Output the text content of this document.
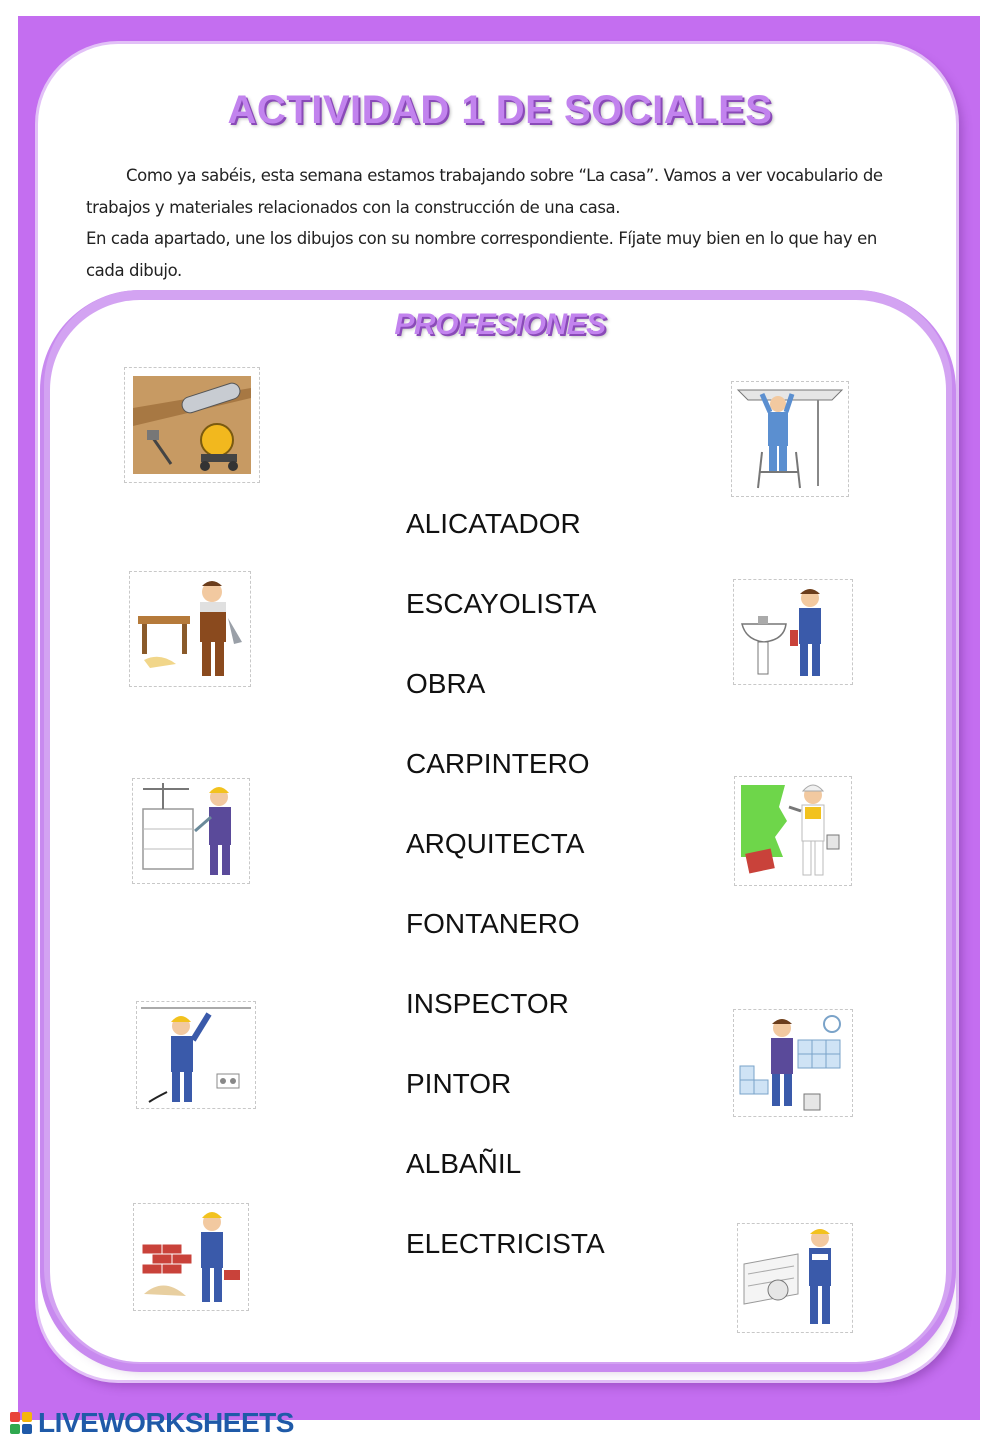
ACTIVIDAD 1 DE SOCIALES

Como ya sabéis, esta semana estamos trabajando sobre “La casa”. Vamos a ver vocabulario de trabajos y materiales relacionados con la construcción de una casa.

En cada apartado, une los dibujos con su nombre correspondiente. Fíjate muy bien en lo que hay en cada dibujo.

PROFESIONES
ALICATADOR
ESCAYOLISTA
OBRA
CARPINTERO
ARQUITECTA
FONTANERO
INSPECTOR
PINTOR
ALBAÑIL
ELECTRICISTA
LIVEWORKSHEETS
